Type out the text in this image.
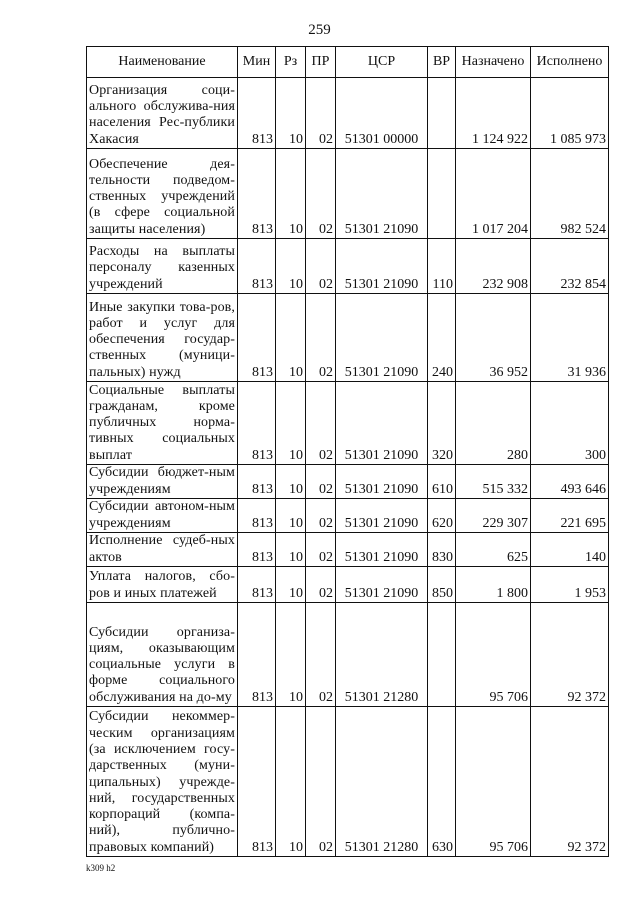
259
Наименование	Мин	Рз	ПР	ЦСР	ВР	Назначено	Исполнено
Организация соци-альнoго обслужива-ния населения Рес-публики Хакасия	813	10	02	51301 00000		1 124 922	1 085 973
Обеспечение дея-тельности подведом-ственных учреждений (в сфере социальной защиты населения)	813	10	02	51301 21090		1 017 204	982 524
Расходы на выплаты персоналу казенных учреждений	813	10	02	51301 21090	110	232 908	232 854
Иные закупки това-ров, работ и услуг для обеспечения государ-ственных (муници-пальных) нужд	813	10	02	51301 21090	240	36 952	31 936
Социальные выплаты гражданам, кроме публичных норма-тивных социальных выплат	813	10	02	51301 21090	320	280	300
Субсидии бюджет-ным учреждениям	813	10	02	51301 21090	610	515 332	493 646
Субсидии автоном-ным учреждениям	813	10	02	51301 21090	620	229 307	221 695
Исполнение судеб-ных актов	813	10	02	51301 21090	830	625	140
Уплата налогов, сбо-ров и иных платежей	813	10	02	51301 21090	850	1 800	1 953
Субсидии организа-циям, оказывающим социальные услуги в форме социального обслуживания на до-му	813	10	02	51301 21280		95 706	92 372
Субсидии некоммер-ческим организациям (за исключением госу-дарственных (муни-ципальных) учрежде-ний, государственных корпораций (компа-ний), публично-правовых компаний)	813	10	02	51301 21280	630	95 706	92 372
k309 h2
